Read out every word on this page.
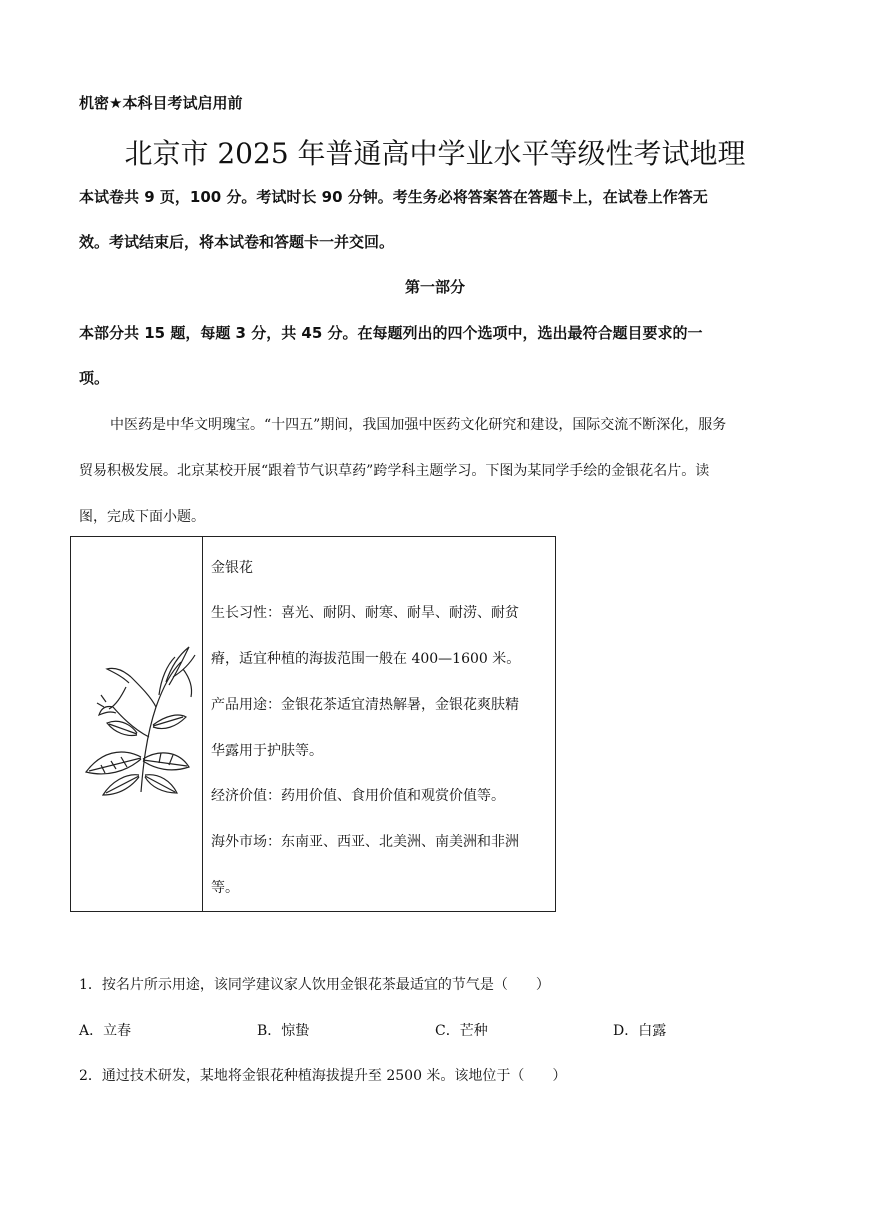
机密★本科目考试启用前
北京市 2025 年普通高中学业水平等级性考试地理
本试卷共 9 页，100 分。考试时长 90 分钟。考生务必将答案答在答题卡上，在试卷上作答无
效。考试结束后，将本试卷和答题卡一并交回。
第一部分
本部分共 15 题，每题 3 分，共 45 分。在每题列出的四个选项中，选出最符合题目要求的一
项。
中医药是中华文明瑰宝。“十四五”期间，我国加强中医药文化研究和建设，国际交流不断深化，服务
贸易积极发展。北京某校开展“跟着节气识草药”跨学科主题学习。下图为某同学手绘的金银花名片。读
图，完成下面小题。
金银花
生长习性：喜光、耐阴、耐寒、耐旱、耐涝、耐贫
瘠，适宜种植的海拔范围一般在 400—1600 米。
产品用途：金银花茶适宜清热解暑，金银花爽肤精
华露用于护肤等。
经济价值：药用价值、食用价值和观赏价值等。
海外市场：东南亚、西亚、北美洲、南美洲和非洲
等。
1．按名片所示用途，该同学建议家人饮用金银花茶最适宜的节气是（　　）
A．立春	B．惊蛰	C．芒种	D．白露
2．通过技术研发，某地将金银花种植海拔提升至 2500 米。该地位于（　　）
